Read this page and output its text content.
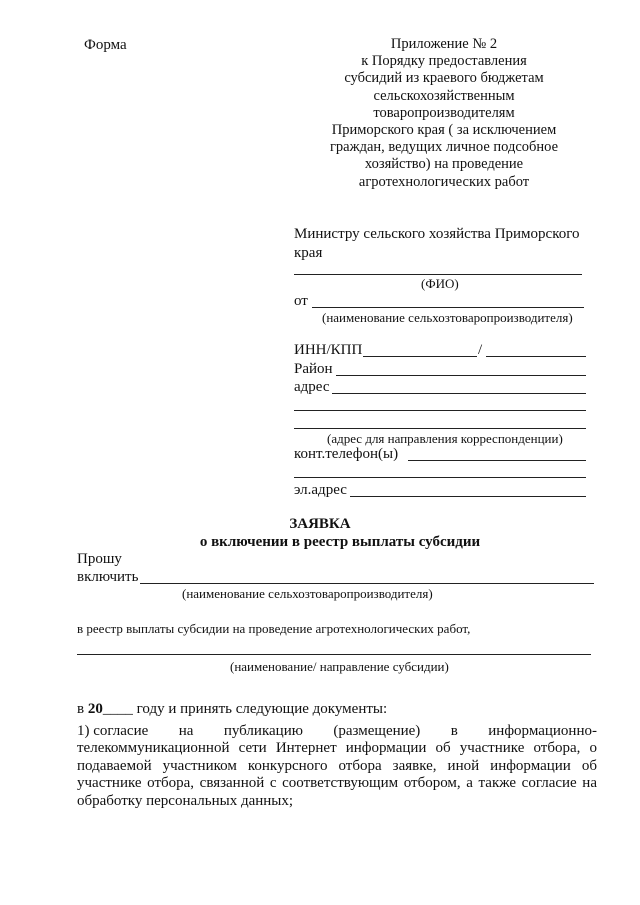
Форма	Приложение № 2
к Порядку предоставления
субсидий из краевого бюджетам
сельскохозяйственным
товаропроизводителям
Приморского края ( за исключением
граждан, ведущих личное подсобное
хозяйство) на проведение
агротехнологических работ
Министру сельского хозяйства Приморского
края
(ФИО)
от
(наименование сельхозтоваропроизводителя)
ИНН/КПП	/
Район
адрес
(адрес для направления корреспонденции)
конт.телефон(ы)
эл.адрес
ЗАЯВКА
о включении в реестр выплаты субсидии
Прошу
включить
(наименование сельхозтоваропроизводителя)
в реестр выплаты субсидии на проведение агротехнологических работ,
(наименование/ направление субсидии)
в 20____ году и принять следующие документы:
1) согласие на публикацию (размещение) в информационно-
телекоммуникационной сети Интернет информации об участнике отбора, о подаваемой участником конкурсного отбора заявке, иной информации об участнике отбора, связанной с соответствующим отбором, а также согласие на обработку персональных данных;
